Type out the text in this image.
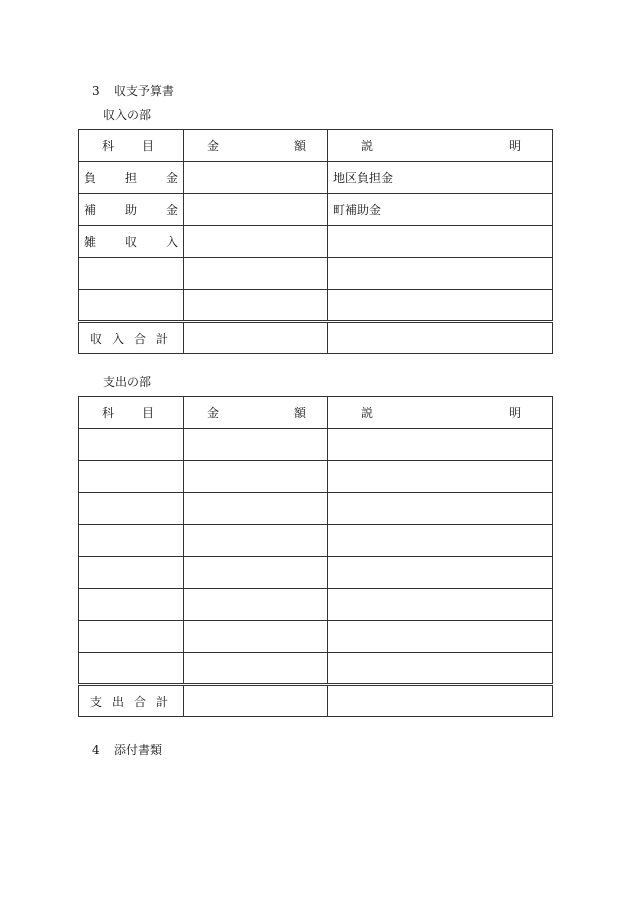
3 収支予算書
収入の部
科 目	金 額	説 明

負 担 金		地区負担金

補 助 金		町補助金

雑 収 入		

収 入 合 計		

支出の部
科 目	金 額	説 明

支 出 合 計		

4 添付書類
